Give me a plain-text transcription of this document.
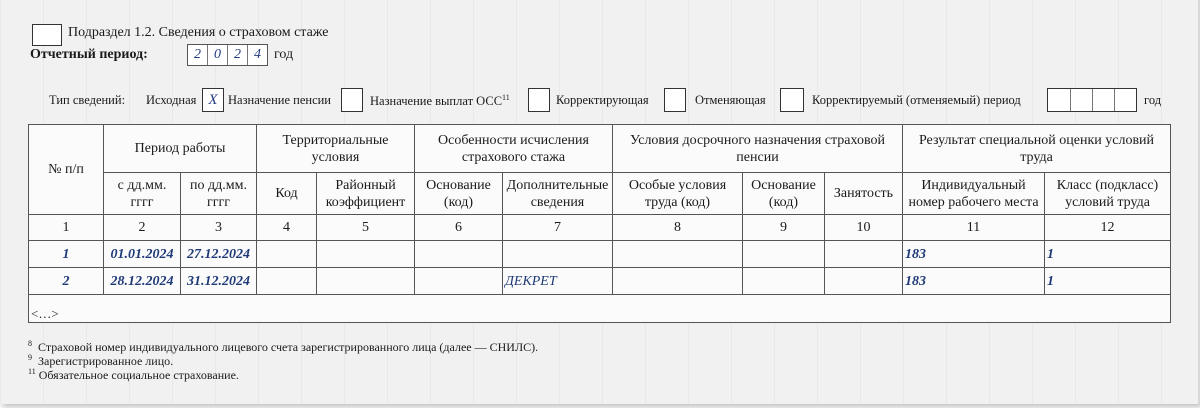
Подраздел 1.2. Сведения о страховом стаже
Отчетный период:	2 0 2 4 год
Тип сведений: Исходная X Назначение пенсии	Назначение выплат ОСС$^{11}$	Корректирующая	Отменяющая	Корректируемый (отменяемый) период	год
№ п/п	Период работы		Территориальные условия		Особенности исчисления страхового стажа		Условия досрочного назначения страховой пенсии			Результат специальной оценки условий труда	
	с дд.мм. гггг	по дд.мм. гггг	Код	Районный коэффициент	Основание (код)	Дополнительные сведения	Особые условия труда (код)	Основание (код)	Занятость	Индивидуальный номер рабочего места	Класс (подкласс) условий труда
1	2	3	4	5	6	7	8	9	10	11	12
1	01.01.2024	27.12.2024								183	1
2	28.12.2024	31.12.2024				ДЕКРЕТ				183	1
<…>											
$^8$ Страховой номер индивидуального лицевого счета зарегистрированного лица (далее — СНИЛС).
$^9$ Зарегистрированное лицо.
$^{11}$ Обязательное социальное страхование.
